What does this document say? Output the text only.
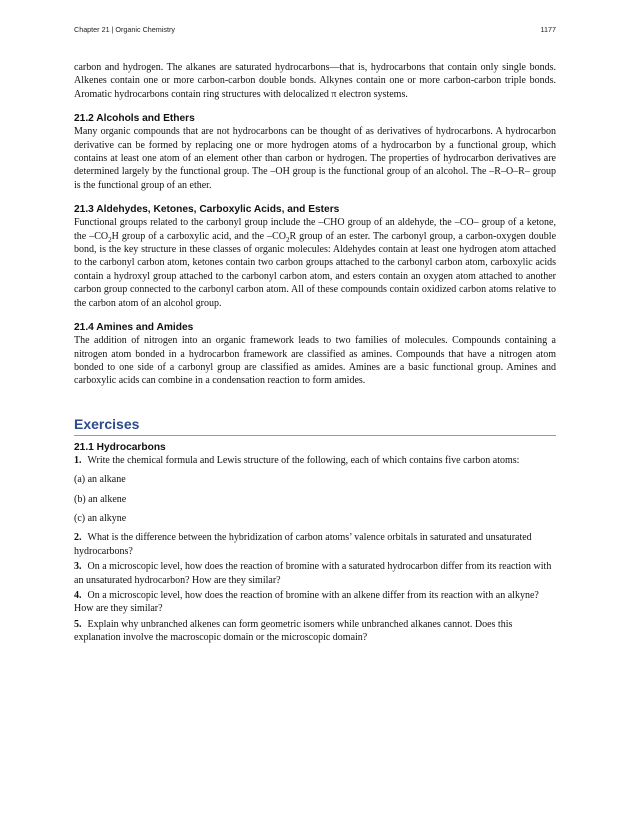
Chapter 21 | Organic Chemistry	1177

carbon and hydrogen. The alkanes are saturated hydrocarbons—that is, hydrocarbons that contain only single bonds. Alkenes contain one or more carbon-carbon double bonds. Alkynes contain one or more carbon-carbon triple bonds. Aromatic hydrocarbons contain ring structures with delocalized π electron systems.

21.2 Alcohols and Ethers

Many organic compounds that are not hydrocarbons can be thought of as derivatives of hydrocarbons. A hydrocarbon derivative can be formed by replacing one or more hydrogen atoms of a hydrocarbon by a functional group, which contains at least one atom of an element other than carbon or hydrogen. The properties of hydrocarbon derivatives are determined largely by the functional group. The –OH group is the functional group of an alcohol. The –R–O–R– group is the functional group of an ether.

21.3 Aldehydes, Ketones, Carboxylic Acids, and Esters

Functional groups related to the carbonyl group include the –CHO group of an aldehyde, the –CO– group of a ketone, the $-CO_2H$ group of a carboxylic acid, and the $-CO_2R$ group of an ester. The carbonyl group, a carbon-oxygen double bond, is the key structure in these classes of organic molecules: Aldehydes contain at least one hydrogen atom attached to the carbonyl carbon atom, ketones contain two carbon groups attached to the carbonyl carbon atom, carboxylic acids contain a hydroxyl group attached to the carbonyl carbon atom, and esters contain an oxygen atom attached to another carbon group connected to the carbonyl carbon atom. All of these compounds contain oxidized carbon atoms relative to the carbon atom of an alcohol group.

21.4 Amines and Amides

The addition of nitrogen into an organic framework leads to two families of molecules. Compounds containing a nitrogen atom bonded in a hydrocarbon framework are classified as amines. Compounds that have a nitrogen atom bonded to one side of a carbonyl group are classified as amides. Amines are a basic functional group. Amines and carboxylic acids can combine in a condensation reaction to form amides.

Exercises
21.1 Hydrocarbons

1. Write the chemical formula and Lewis structure of the following, each of which contains five carbon atoms:

(a) an alkane

(b) an alkene

(c) an alkyne

2. What is the difference between the hybridization of carbon atoms’ valence orbitals in saturated and unsaturated hydrocarbons?

3. On a microscopic level, how does the reaction of bromine with a saturated hydrocarbon differ from its reaction with an unsaturated hydrocarbon? How are they similar?

4. On a microscopic level, how does the reaction of bromine with an alkene differ from its reaction with an alkyne? How are they similar?

5. Explain why unbranched alkenes can form geometric isomers while unbranched alkanes cannot. Does this explanation involve the macroscopic domain or the microscopic domain?
